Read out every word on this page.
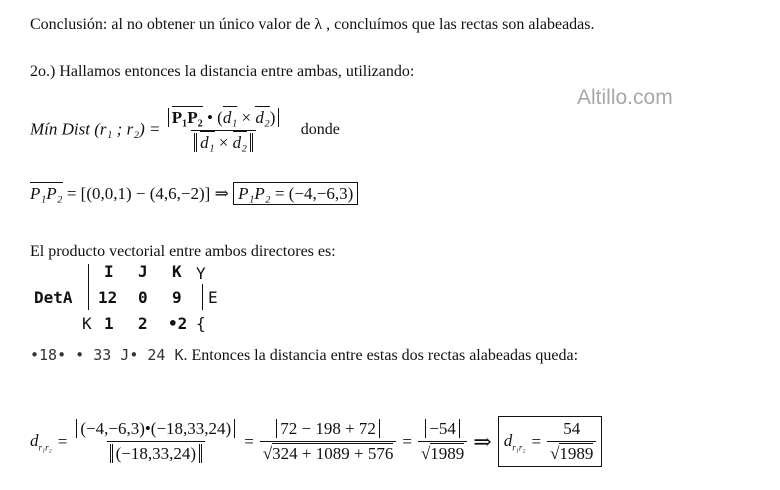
Conclusión: al no obtener un único valor de λ , concluímos que las rectas son alabeadas.
2o.) Hallamos entonces la distancia entre ambas, utilizando:
Altillo.com
Mín Dist (r₁ ; $r_2) = \frac{\text{P₁P₂ • (d₁ × d₂)}}{\text{d₁ × d₂}}$ donde
P₁P₂ = [(0,0,1) − (4,6,−2)] ⇒ P₁P₂ = (−4,−6,3)
El producto vectorial entre ambos directores es:
DetA
I J K Y
12 0 9 E
K 1 2 •2 {
•18• • 33 J• 24 K. Entonces la distancia entre estas dos rectas alabeadas queda:
$d_{r_1r_2} = \frac{(-4,-6,3)•(-18,33,24)}{(-18,33,24)} = 72 - 198 + 72$
√ 324 + 1089 + 576 = −54
√ 1989 ⇒ $d_{r_1r_2} = 54$
√ 1989
